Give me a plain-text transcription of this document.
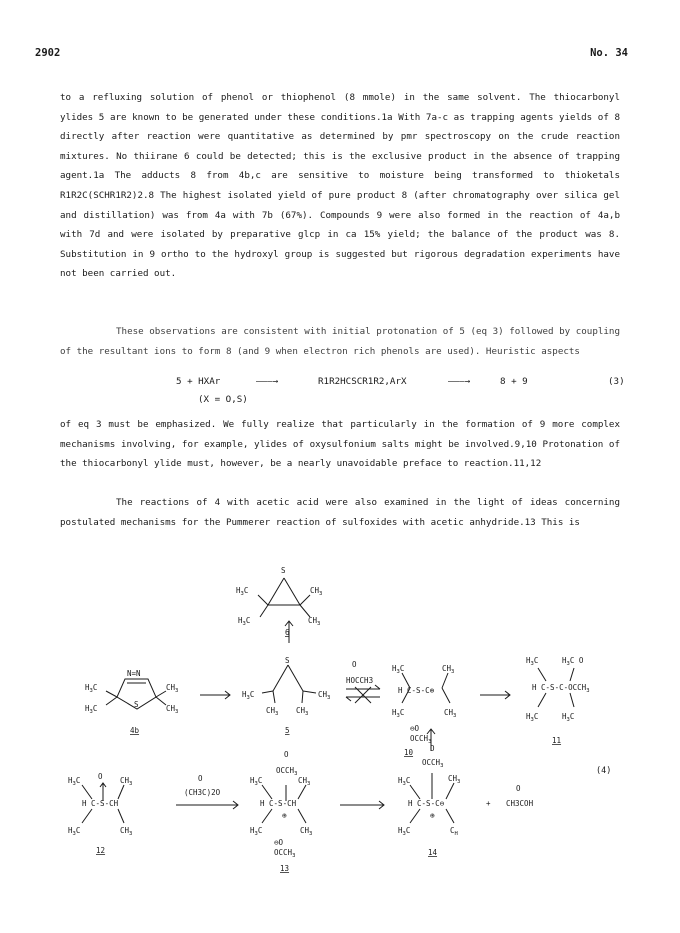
2902	No. 34

to a refluxing solution of phenol or thiophenol (8 mmole) in the same solvent. The thiocarbonyl ylides 5 are known to be generated under these conditions.1a With 7a-c as trapping agents yields of 8 directly after reaction were quantitative as determined by pmr spectroscopy on the crude reaction mixtures. No thiirane 6 could be detected; this is the exclusive product in the absence of trapping agent.1a The adducts 8 from 4b,c are sensitive to moisture being transformed to thioketals R1R2C(SCHR1R2)2.8 The highest isolated yield of pure product 8 (after chromatography over silica gel and distillation) was from 4a with 7b (67%). Compounds 9 were also formed in the reaction of 4a,b with 7d and were isolated by preparative glcp in ca 15% yield; the balance of the product was 8. Substitution in 9 ortho to the hydroxyl group is suggested but rigorous degradation experiments have not been carried out.

These observations are consistent with initial protonation of 5 (eq 3) followed by coupling of the resultant ions to form 8 (and 9 when electron rich phenols are used). Heuristic aspects

5 + HXAr	———→	R1R2HCSCR1R2,ArX	———→	8 + 9	(3)
(X = O,S)

of eq 3 must be emphasized. We fully realize that particularly in the formation of 9 more complex mechanisms involving, for example, ylides of oxysulfonium salts might be involved.9,10 Protonation of the thiocarbonyl ylide must, however, be a nearly unavoidable preface to reaction.11,12

The reactions of 4 with acetic acid were also examined in the light of ideas concerning postulated mechanisms for the Pummerer reaction of sulfoxides with acetic anhydride.13 This is

S
$H_3C$	$CH_3$
$H_3C$	$CH_3$
6
N=N
S
$H_3C$	$CH_3$
$H_3C$	$CH_3$
4b
S
$H_3C$	$CH_3$
$CH_3$ $CH_3$
5
O
HOCCH3
$H_3C$	$CH_3$
H C-S-C⊕
$H_3C$	$CH_3$
⊖O
$OCCH_3$
10
$H_3C$	$H_3C$ O
H $C-S-C-OCCH_3$
$H_3C$	$H_3C$
11
(4)
O
$H_3C$	$CH_3$
H C-S-CH
$H_3C$	$CH_3$
12
O
(CH3C)2O
O
$OCCH_3$
$H_3C$	$CH_3$
H C-S-CH
⊕
$H_3C$	$CH_3$
⊖O
$OCCH_3$
13
O
$OCCH_3$
$H_3C$	$CH_3$
H C-S-C⊖
⊕
$H_3C$	$C_H$
14
+
O
CH3COH
